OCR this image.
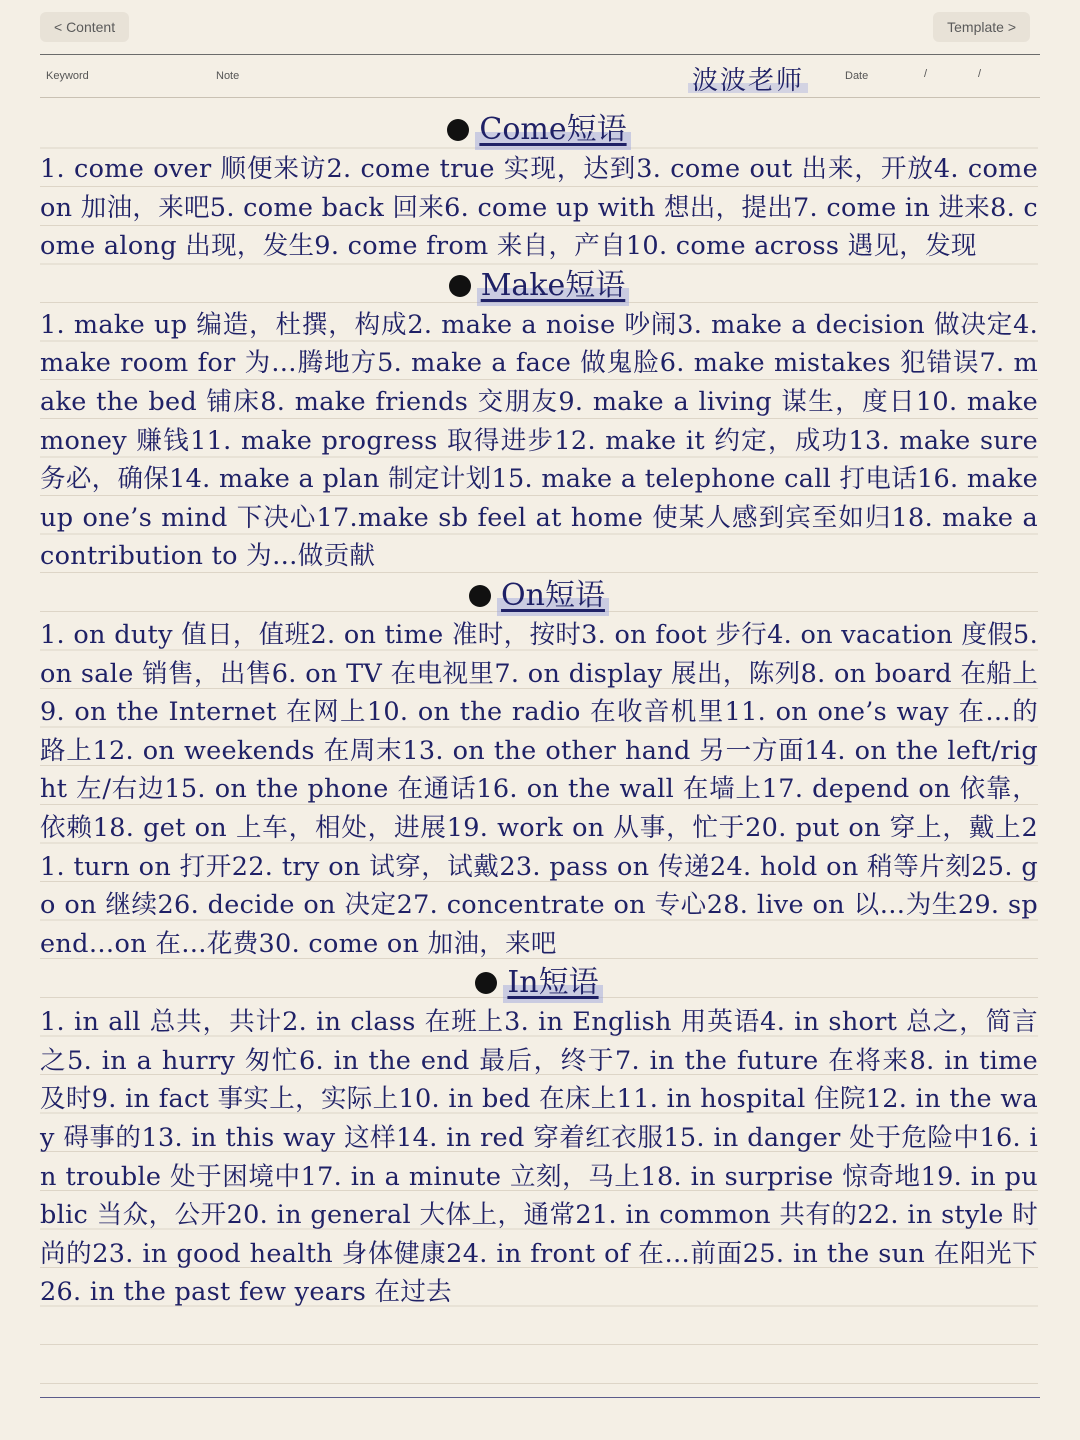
< Content	Template >
Keyword	Note	波波老师	Date	/	/
Come短语
1. come over 顺便来访2. come true 实现，达到3. come out 出来，开放4. come on 加油，来吧5. come back 回来6. come up with 想出，提出7. come in 进来8. come along 出现，发生9. come from 来自，产自10. come across 遇见，发现
Make短语
1. make up 编造，杜撰，构成2. make a noise 吵闹3. make a decision 做决定4. make room for 为…腾地方5. make a face 做鬼脸6. make mistakes 犯错误7. make the bed 铺床8. make friends 交朋友9. make a living 谋生，度日10. make money 赚钱11. make progress 取得进步12. make it 约定，成功13. make sure 务必，确保14. make a plan 制定计划15. make a telephone call 打电话16. make up one’s mind 下决心17.make sb feel at home 使某人感到宾至如归18. make a contribution to 为…做贡献
On短语
1. on duty 值日，值班2. on time 准时，按时3. on foot 步行4. on vacation 度假5. on sale 销售，出售6. on TV 在电视里7. on display 展出，陈列8. on board 在船上9. on the Internet 在网上10. on the radio 在收音机里11. on one’s way 在…的路上12. on weekends 在周末13. on the other hand 另一方面14. on the left/right 左/右边15. on the phone 在通话16. on the wall 在墙上17. depend on 依靠，依赖18. get on 上车，相处，进展19. work on 从事，忙于20. put on 穿上，戴上21. turn on 打开22. try on 试穿，试戴23. pass on 传递24. hold on 稍等片刻25. go on 继续26. decide on 决定27. concentrate on 专心28. live on 以…为生29. spend…on 在…花费30. come on 加油，来吧
In短语
1. in all 总共，共计2. in class 在班上3. in English 用英语4. in short 总之，简言之5. in a hurry 匆忙6. in the end 最后，终于7. in the future 在将来8. in time 及时9. in fact 事实上，实际上10. in bed 在床上11. in hospital 住院12. in the way 碍事的13. in this way 这样14. in red 穿着红衣服15. in danger 处于危险中16. in trouble 处于困境中17. in a minute 立刻，马上18. in surprise 惊奇地19. in public 当众，公开20. in general 大体上，通常21. in common 共有的22. in style 时尚的23. in good health 身体健康24. in front of 在…前面25. in the sun 在阳光下26. in the past few years 在过去
